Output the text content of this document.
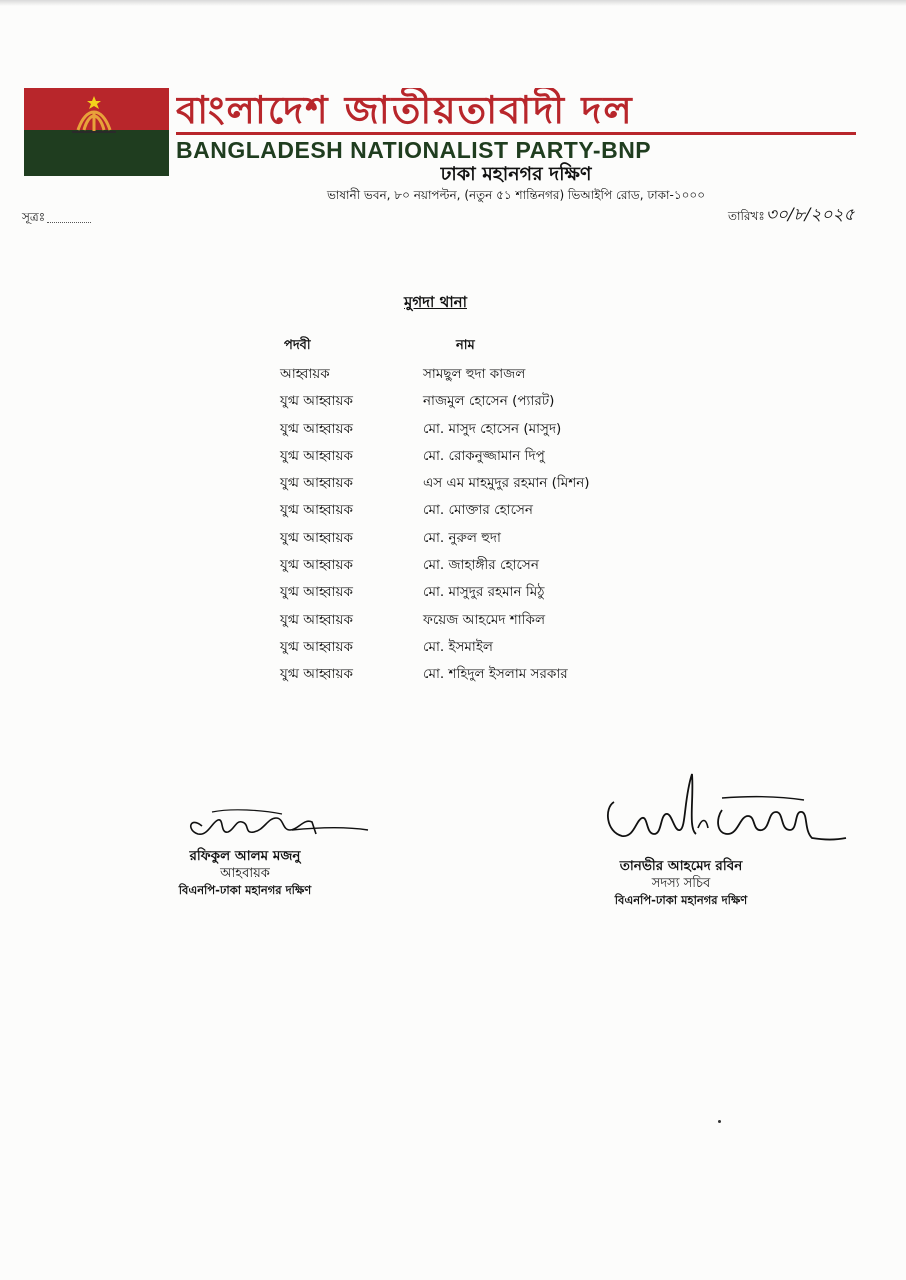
বাংলাদেশ জাতীয়তাবাদী দল
BANGLADESH NATIONALIST PARTY-BNP
ঢাকা মহানগর দক্ষিণ
ভাষানী ভবন, ৮০ নয়াপল্টন, (নতুন ৫১ শান্তিনগর) ভিআইপি রোড, ঢাকা-১০০০
সূত্রঃ	তারিখঃ৩০/৮/২০২৫
মুগদা থানা
পদবী	নাম
আহ্বায়ক	সামছুল হুদা কাজল
যুগ্ম আহ্বায়ক	নাজমুল হোসেন (প্যারট)
যুগ্ম আহ্বায়ক	মো. মাসুদ হোসেন (মাসুদ)
যুগ্ম আহ্বায়ক	মো. রোকনুজ্জামান দিপু
যুগ্ম আহ্বায়ক	এস এম মাহমুদুর রহমান (মিশন)
যুগ্ম আহ্বায়ক	মো. মোক্তার হোসেন
যুগ্ম আহ্বায়ক	মো. নুরুল হুদা
যুগ্ম আহ্বায়ক	মো. জাহাঙ্গীর হোসেন
যুগ্ম আহ্বায়ক	মো. মাসুদুর রহমান মিঠু
যুগ্ম আহ্বায়ক	ফয়েজ আহমেদ শাকিল
যুগ্ম আহ্বায়ক	মো. ইসমাইল
যুগ্ম আহ্বায়ক	মো. শহিদুল ইসলাম সরকার
রফিকুল আলম মজনু
আহবায়ক
বিএনপি-ঢাকা মহানগর দক্ষিণ
তানভীর আহমেদ রবিন
সদস্য সচিব
বিএনপি-ঢাকা মহানগর দক্ষিণ
